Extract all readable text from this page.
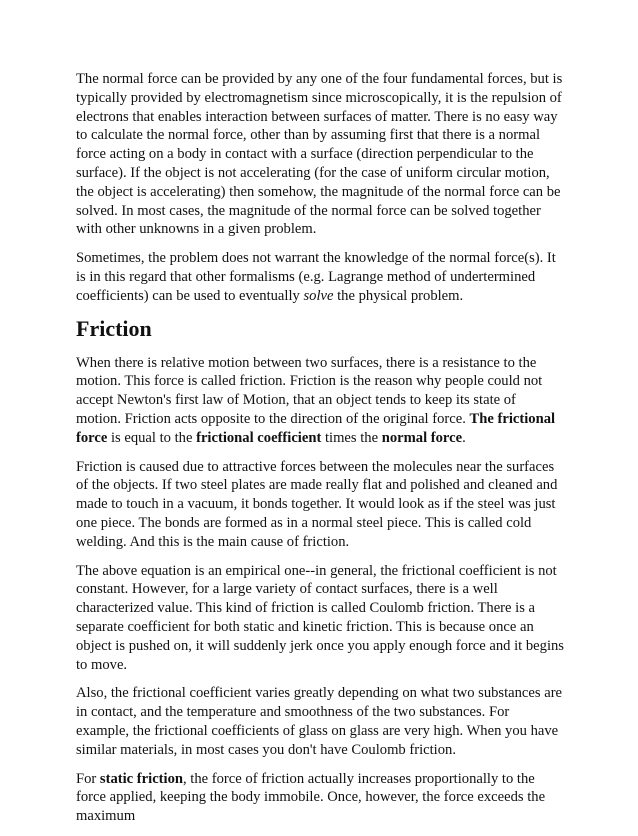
The normal force can be provided by any one of the four fundamental forces, but is typically provided by electromagnetism since microscopically, it is the repulsion of electrons that enables interaction between surfaces of matter. There is no easy way to calculate the normal force, other than by assuming first that there is a normal force acting on a body in contact with a surface (direction perpendicular to the surface). If the object is not accelerating (for the case of uniform circular motion, the object is accelerating) then somehow, the magnitude of the normal force can be solved. In most cases, the magnitude of the normal force can be solved together with other unknowns in a given problem.

Sometimes, the problem does not warrant the knowledge of the normal force(s). It is in this regard that other formalisms (e.g. Lagrange method of undertermined coefficients) can be used to eventually solve the physical problem.

Friction

When there is relative motion between two surfaces, there is a resistance to the motion. This force is called friction. Friction is the reason why people could not accept Newton's first law of Motion, that an object tends to keep its state of motion. Friction acts opposite to the direction of the original force. The frictional force is equal to the frictional coefficient times the normal force.

Friction is caused due to attractive forces between the molecules near the surfaces of the objects. If two steel plates are made really flat and polished and cleaned and made to touch in a vacuum, it bonds together. It would look as if the steel was just one piece. The bonds are formed as in a normal steel piece. This is called cold welding. And this is the main cause of friction.

The above equation is an empirical one--in general, the frictional coefficient is not constant. However, for a large variety of contact surfaces, there is a well characterized value. This kind of friction is called Coulomb friction. There is a separate coefficient for both static and kinetic friction. This is because once an object is pushed on, it will suddenly jerk once you apply enough force and it begins to move.

Also, the frictional coefficient varies greatly depending on what two substances are in contact, and the temperature and smoothness of the two substances. For example, the frictional coefficients of glass on glass are very high. When you have similar materials, in most cases you don't have Coulomb friction.

For static friction, the force of friction actually increases proportionally to the force applied, keeping the body immobile. Once, however, the force exceeds the maximum
